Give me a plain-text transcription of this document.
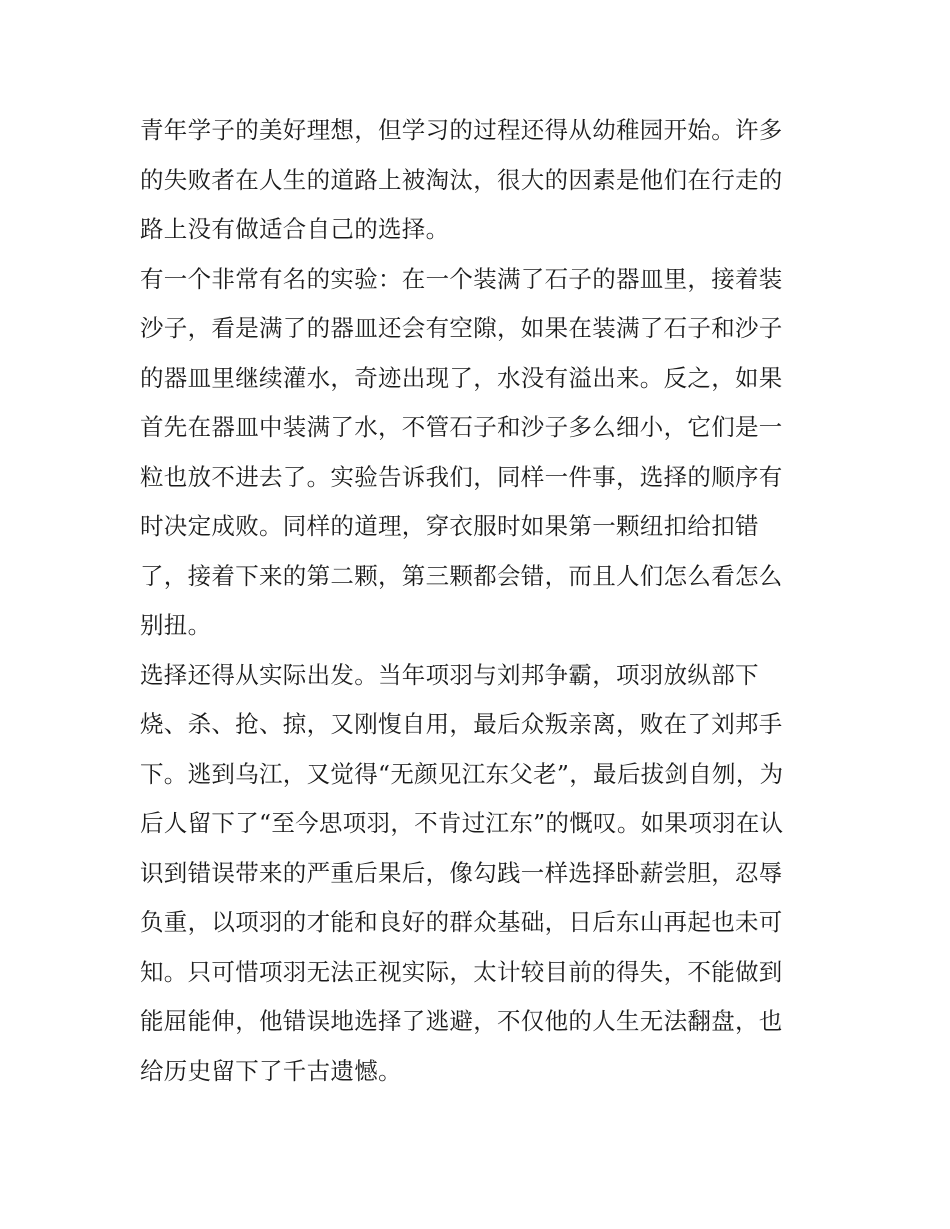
青年学子的美好理想，但学习的过程还得从幼稚园开始。许多
的失败者在人生的道路上被淘汰，很大的因素是他们在行走的
路上没有做适合自己的选择。
有一个非常有名的实验：在一个装满了石子的器皿里，接着装
沙子，看是满了的器皿还会有空隙，如果在装满了石子和沙子
的器皿里继续灌水，奇迹出现了，水没有溢出来。反之，如果
首先在器皿中装满了水，不管石子和沙子多么细小，它们是一
粒也放不进去了。实验告诉我们，同样一件事，选择的顺序有
时决定成败。同样的道理，穿衣服时如果第一颗纽扣给扣错
了，接着下来的第二颗，第三颗都会错，而且人们怎么看怎么
别扭。
选择还得从实际出发。当年项羽与刘邦争霸，项羽放纵部下
烧、杀、抢、掠，又刚愎自用，最后众叛亲离，败在了刘邦手
下。逃到乌江，又觉得“无颜见江东父老”，最后拔剑自刎，为
后人留下了“至今思项羽，不肯过江东”的慨叹。如果项羽在认
识到错误带来的严重后果后，像勾践一样选择卧薪尝胆，忍辱
负重，以项羽的才能和良好的群众基础，日后东山再起也未可
知。只可惜项羽无法正视实际，太计较目前的得失，不能做到
能屈能伸，他错误地选择了逃避，不仅他的人生无法翻盘，也
给历史留下了千古遗憾。
